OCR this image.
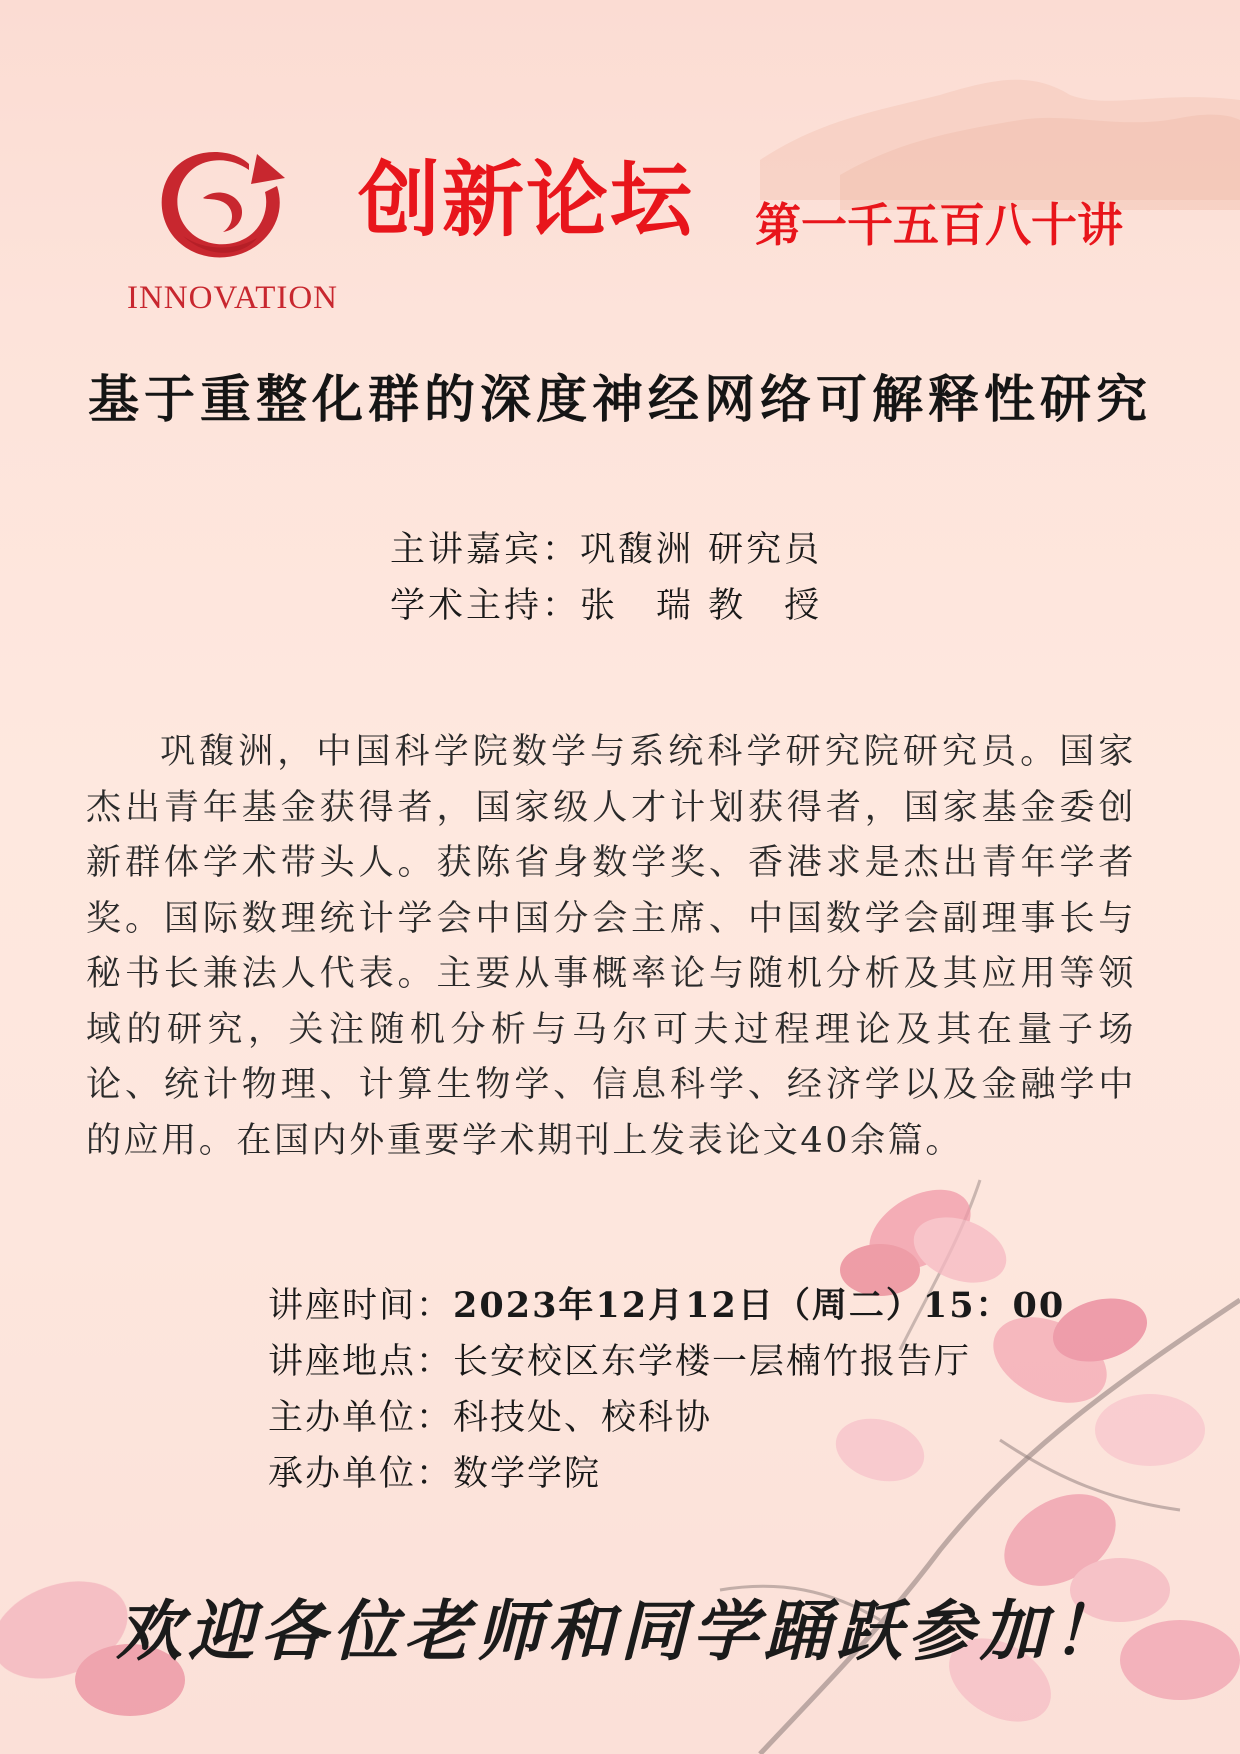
INNOVATION
创新论坛 第一千五百八十讲
基于重整化群的深度神经网络可解释性研究
主讲嘉宾：巩馥洲 研究员
学术主持：张　瑞 教　授
巩馥洲，中国科学院数学与系统科学研究院研究员。国家杰出青年基金获得者，国家级人才计划获得者，国家基金委创新群体学术带头人。获陈省身数学奖、香港求是杰出青年学者奖。国际数理统计学会中国分会主席、中国数学会副理事长与秘书长兼法人代表。主要从事概率论与随机分析及其应用等领域的研究，关注随机分析与马尔可夫过程理论及其在量子场论、统计物理、计算生物学、信息科学、经济学以及金融学中的应用。在国内外重要学术期刊上发表论文40余篇。
讲座时间：2023年12月12日（周二）15：00
讲座地点：长安校区东学楼一层楠竹报告厅
主办单位：科技处、校科协
承办单位：数学学院
欢迎各位老师和同学踊跃参加！
